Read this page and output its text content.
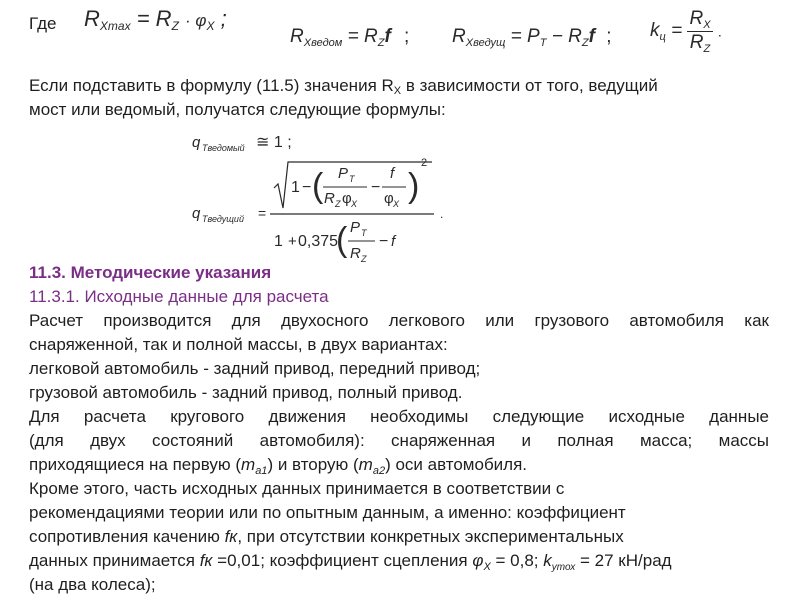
Где $R_{Xmax} = R_Z \cdot \varphi_X$ ;
$R_{Xведом} = R_Zf$ ; $R_{Xведущ} = P_T - R_Zf$ ; $k_ц = \frac{R_X}{R_Z}$ .
Если подставить в формулу (11.5) значения RX в зависимости от того, ведущий
мост или ведомый, получатся следующие формулы:
q Tведомый ≅ 1 ;
q Tведущий =
1 − ( P T
R Z φ X
−
f
φ X )
2
1 + 0,375
( P T
R Z
− f
.
11.3. Методические указания
11.3.1. Исходные данные для расчета
Расчет производится для двухосного легкового или грузового автомобиля как
снаряженной, так и полной массы, в двух вариантах:
легковой автомобиль - задний привод, передний привод;
грузовой автомобиль - задний привод, полный привод.
Для расчета кругового движения необходимы следующие исходные данные
(для двух состояний автомобиля): снаряженная и полная масса; массы
приходящиеся на первую $(m_{a1})$ и вторую $(m_{a2})$ оси автомобиля.
Кроме этого, часть исходных данных принимается в соответствии с
рекомендациями теории или по опытным данным, а именно: коэффициент
сопротивления качению fк, при отсутствии конкретных экспериментальных
данных принимается fк =0,01; коэффициент сцепления $\varphi_X = 0,8$; $k_{yтох} = 27$ кН/рад
(на два колеса);
